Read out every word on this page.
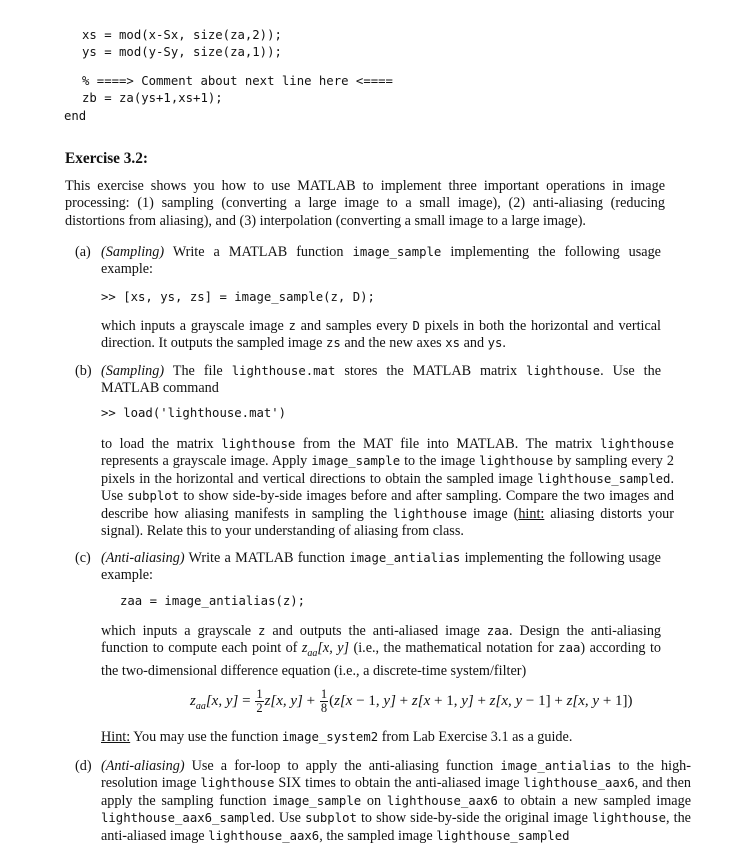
xs = mod(x-Sx, size(za,2));
ys = mod(y-Sy, size(za,1));
% ====> Comment about next line here <====
zb = za(ys+1,xs+1);
end
Exercise 3.2:
This exercise shows you how to use MATLAB to implement three important operations in image processing: (1) sampling (converting a large image to a small image), (2) anti-aliasing (reducing distortions from aliasing), and (3) interpolation (converting a small image to a large image).
(a) (Sampling) Write a MATLAB function image_sample implementing the following usage example:
>> [xs, ys, zs] = image_sample(z, D);
which inputs a grayscale image z and samples every D pixels in both the horizontal and vertical direction. It outputs the sampled image zs and the new axes xs and ys.
(b) (Sampling) The file lighthouse.mat stores the MATLAB matrix lighthouse. Use the MATLAB command
>> load('lighthouse.mat')
to load the matrix lighthouse from the MAT file into MATLAB. The matrix lighthouse represents a grayscale image. Apply image_sample to the image lighthouse by sampling every 2 pixels in the horizontal and vertical directions to obtain the sampled image lighthouse_sampled. Use subplot to show side-by-side images before and after sampling. Compare the two images and describe how aliasing manifests in sampling the lighthouse image (hint: aliasing distorts your signal). Relate this to your understanding of aliasing from class.
(c) (Anti-aliasing) Write a MATLAB function image_antialias implementing the following usage example:
zaa = image_antialias(z);
which inputs a grayscale z and outputs the anti-aliased image zaa. Design the anti-aliasing function to compute each point of $z_{aa}[x$, y] (i.e., the mathematical notation for zaa) according to the two-dimensional difference equation (i.e., a discrete-time system/filter)
$z_{aa}[x$, $y] = \frac{1}{2} z[x$, $y] + \frac{1}{8} (z[x - 1$, y] + z[x + 1, y] + z[x, y − 1] + z[x, y + 1])
Hint: You may use the function image_system2 from Lab Exercise 3.1 as a guide.
(d) (Anti-aliasing) Use a for-loop to apply the anti-aliasing function image_antialias to the high-resolution image lighthouse SIX times to obtain the anti-aliased image lighthouse_aax6, and then apply the sampling function image_sample on lighthouse_aax6 to obtain a new sampled image lighthouse_aax6_sampled. Use subplot to show side-by-side the original image lighthouse, the anti-aliased image lighthouse_aax6, the sampled image lighthouse_sampled
